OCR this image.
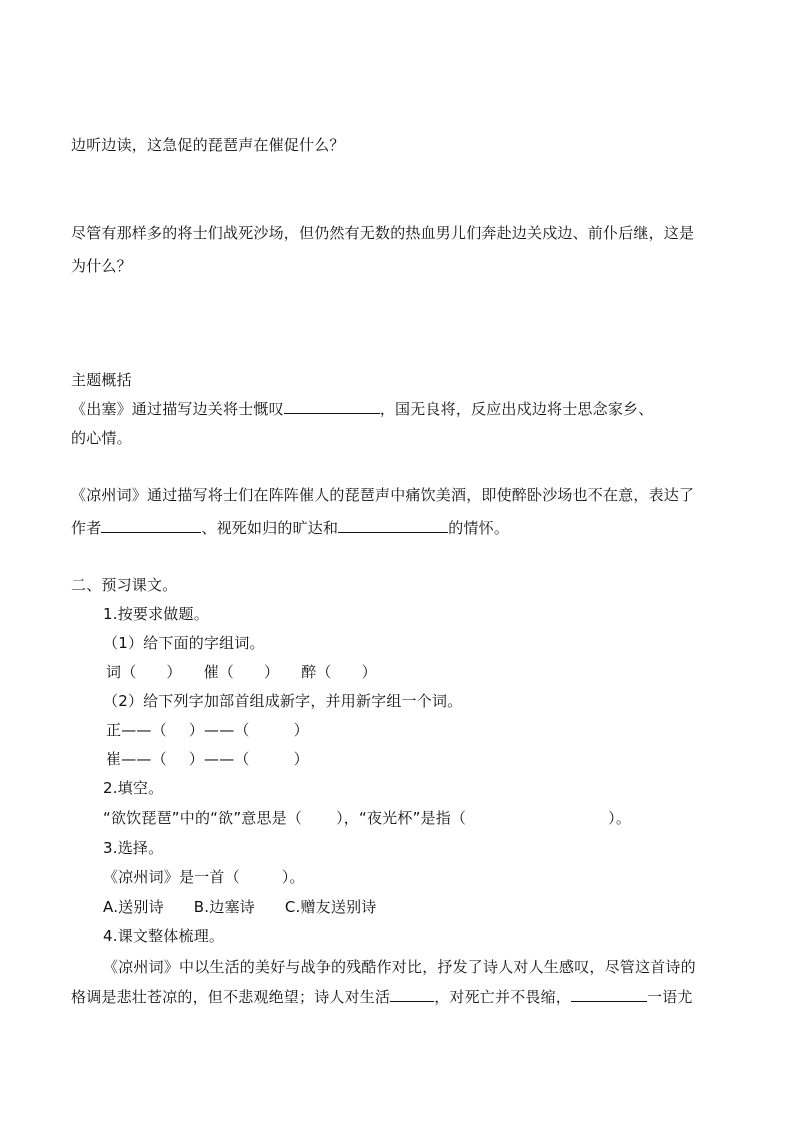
边听边读，这急促的琵琶声在催促什么？
尽管有那样多的将士们战死沙场，但仍然有无数的热血男儿们奔赴边关戍边、前仆后继，这是
为什么？
主题概括
《出塞》通过描写边关将士慨叹	，国无良将，反应出戍边将士思念家乡、
的心情。
《凉州词》通过描写将士们在阵阵催人的琵琶声中痛饮美酒，即使醉卧沙场也不在意，表达了
作者	、视死如归的旷达和	的情怀。
二、预习课文。
1.按要求做题。
（1）给下面的字组词。
词（ ） 催（ ） 醉（ ）
（2）给下列字加部首组成新字，并用新字组一个词。
正——（ ）——（	）
崔——（ ）——（	）
2.填空。
“欲饮琵琶”中的“欲”意思是（ ），“夜光杯”是指（	）。
3.选择。
《凉州词》是一首（	）。
A.送别诗 B.边塞诗 C.赠友送别诗
4.课文整体梳理。
《凉州词》中以生活的美好与战争的残酷作对比，抒发了诗人对人生感叹，尽管这首诗的
格调是悲壮苍凉的，但不悲观绝望；诗人对生活	，对死亡并不畏缩，	一语尤
